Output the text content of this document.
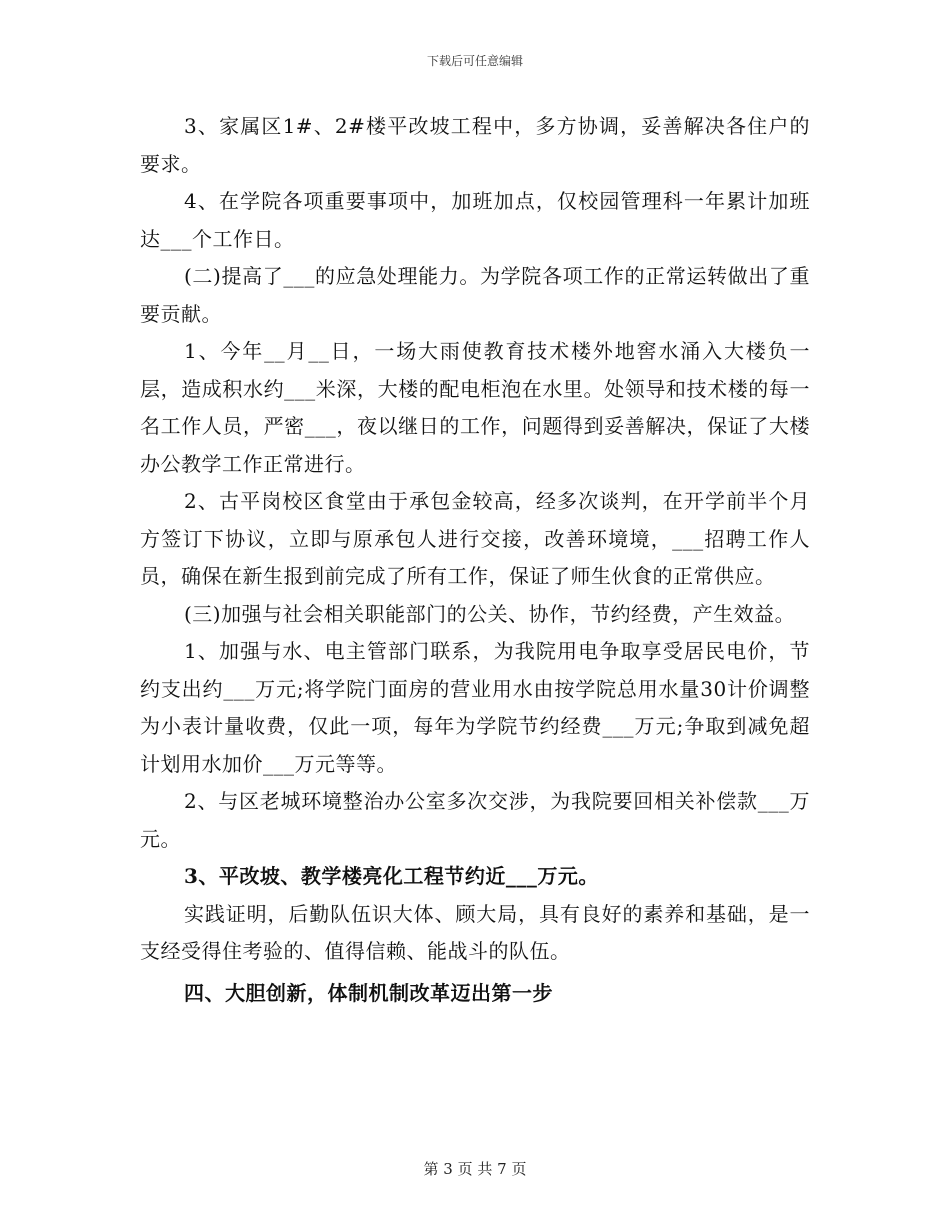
下载后可任意编辑

3、家属区1#、2#楼平改坡工程中，多方协调，妥善解决各住户的要求。

4、在学院各项重要事项中，加班加点，仅校园管理科一年累计加班达___个工作日。

(二)提高了___的应急处理能力。为学院各项工作的正常运转做出了重要贡献。

1、今年__月__日，一场大雨使教育技术楼外地窖水涌入大楼负一层，造成积水约___米深，大楼的配电柜泡在水里。处领导和技术楼的每一名工作人员，严密___，夜以继日的工作，问题得到妥善解决，保证了大楼办公教学工作正常进行。

2、古平岗校区食堂由于承包金较高，经多次谈判，在开学前半个月方签订下协议，立即与原承包人进行交接，改善环境境，___招聘工作人员，确保在新生报到前完成了所有工作，保证了师生伙食的正常供应。

(三)加强与社会相关职能部门的公关、协作，节约经费，产生效益。

1、加强与水、电主管部门联系，为我院用电争取享受居民电价，节约支出约___万元;将学院门面房的营业用水由按学院总用水量30计价调整为小表计量收费，仅此一项，每年为学院节约经费___万元;争取到减免超计划用水加价___万元等等。

2、与区老城环境整治办公室多次交涉，为我院要回相关补偿款___万元。

3、平改坡、教学楼亮化工程节约近___万元。

实践证明，后勤队伍识大体、顾大局，具有良好的素养和基础，是一支经受得住考验的、值得信赖、能战斗的队伍。

四、大胆创新，体制机制改革迈出第一步

第 3 页 共 7 页
